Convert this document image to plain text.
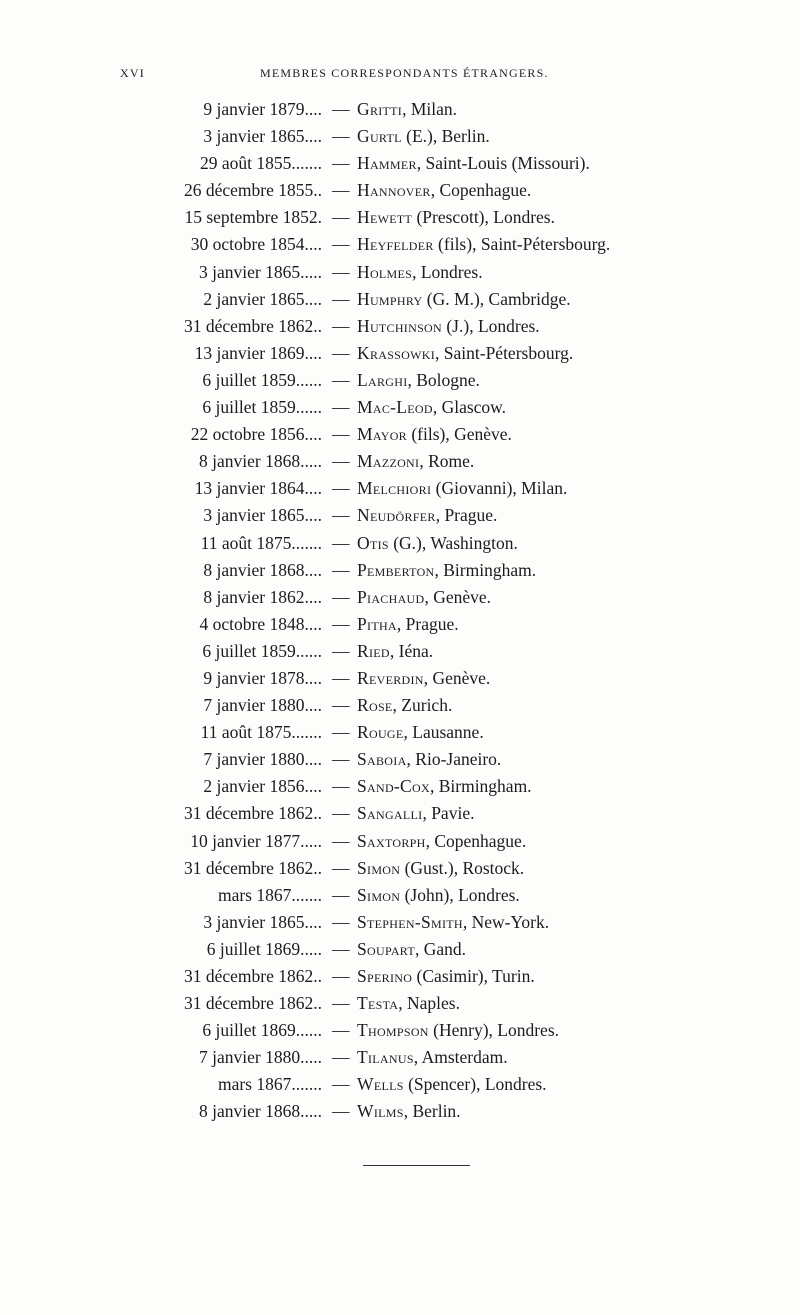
XVI	MEMBRES CORRESPONDANTS ÉTRANGERS.
9 janvier 1879.... — Gritti, Milan.
3 janvier 1865.... — Gurtl (E.), Berlin.
29 août 1855....... — Hammer, Saint-Louis (Missouri).
26 décembre 1855.. — Hannover, Copenhague.
15 septembre 1852. — Hewett (Prescott), Londres.
30 octobre 1854.... — Heyfelder (fils), Saint-Pétersbourg.
3 janvier 1865..... — Holmes, Londres.
2 janvier 1865.... — Humphry (G. M.), Cambridge.
31 décembre 1862.. — Hutchinson (J.), Londres.
13 janvier 1869.... — Krassowki, Saint-Pétersbourg.
6 juillet 1859...... — Larghi, Bologne.
6 juillet 1859...... — Mac-Leod, Glascow.
22 octobre 1856.... — Mayor (fils), Genève.
8 janvier 1868..... — Mazzoni, Rome.
13 janvier 1864.... — Melchiori (Giovanni), Milan.
3 janvier 1865.... — Neudörfer, Prague.
11 août 1875....... — Otis (G.), Washington.
8 janvier 1868.... — Pemberton, Birmingham.
8 janvier 1862.... — Piachaud, Genève.
4 octobre 1848.... — Pitha, Prague.
6 juillet 1859...... — Ried, Iéna.
9 janvier 1878.... — Reverdin, Genève.
7 janvier 1880.... — Rose, Zurich.
11 août 1875....... — Rouge, Lausanne.
7 janvier 1880.... — Saboia, Rio-Janeiro.
2 janvier 1856.... — Sand-Cox, Birmingham.
31 décembre 1862.. — Sangalli, Pavie.
10 janvier 1877..... — Saxtorph, Copenhague.
31 décembre 1862.. — Simon (Gust.), Rostock.
mars 1867....... — Simon (John), Londres.
3 janvier 1865.... — Stephen-Smith, New-York.
6 juillet 1869..... — Soupart, Gand.
31 décembre 1862.. — Sperino (Casimir), Turin.
31 décembre 1862.. — Testa, Naples.
6 juillet 1869...... — Thompson (Henry), Londres.
7 janvier 1880..... — Tilanus, Amsterdam.
mars 1867....... — Wells (Spencer), Londres.
8 janvier 1868..... — Wilms, Berlin.
